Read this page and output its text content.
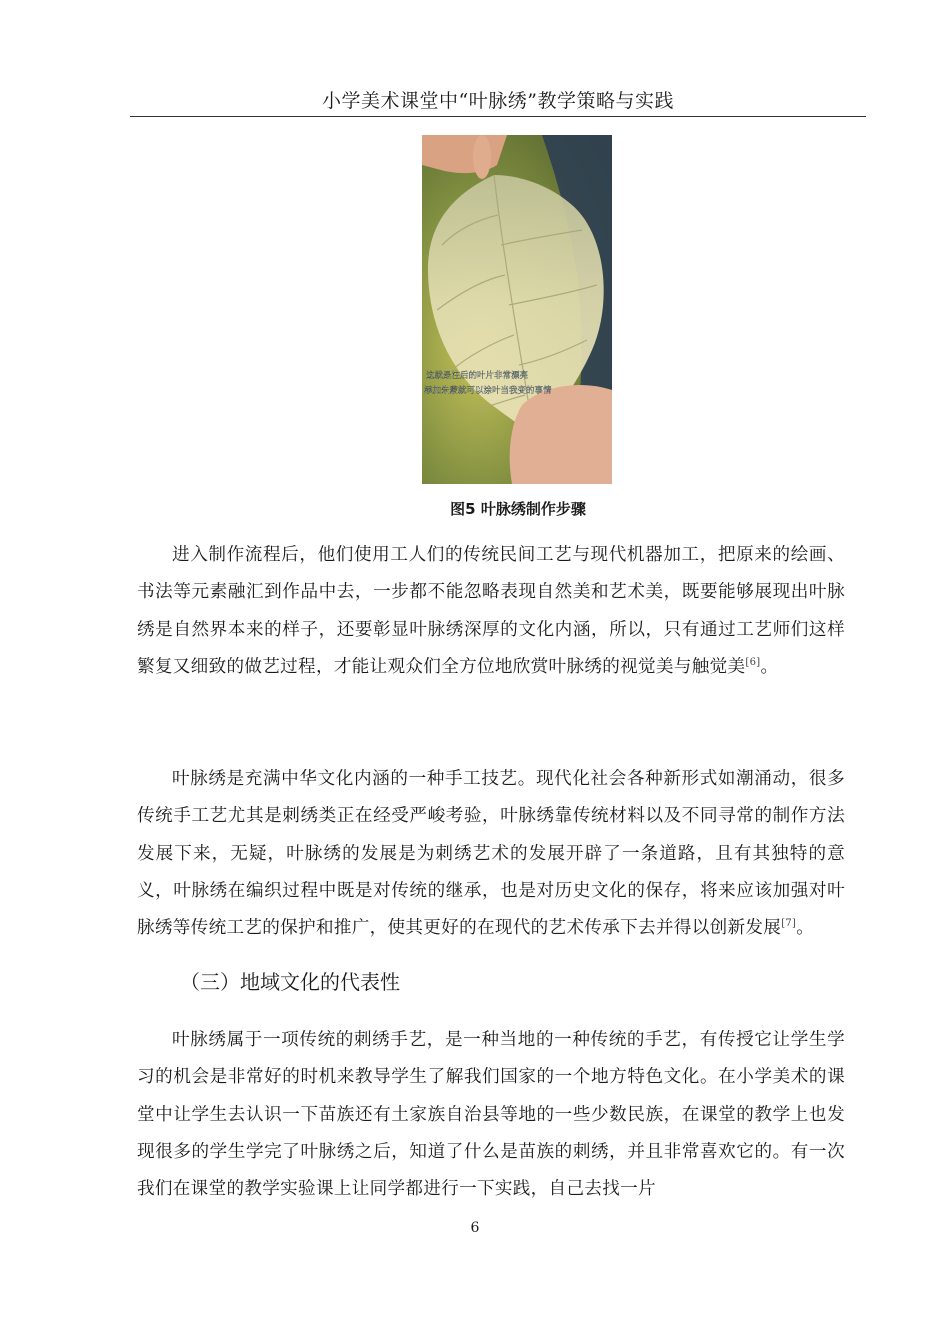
小学美术课堂中“叶脉绣”教学策略与实践
这就是注后的叶片非常漂亮
添加朱蒙就可以涂叶当我变的事情
图5 叶脉绣制作步骤

进入制作流程后，他们使用工人们的传统民间工艺与现代机器加工，把原来的绘画、书法等元素融汇到作品中去，一步都不能忽略表现自然美和艺术美，既要能够展现出叶脉绣是自然界本来的样子，还要彰显叶脉绣深厚的文化内涵，所以，只有通过工艺师们这样繁复又细致的做艺过程，才能让观众们全方位地欣赏叶脉绣的视觉美与触觉美[6]。

叶脉绣是充满中华文化内涵的一种手工技艺。现代化社会各种新形式如潮涌动，很多传统手工艺尤其是刺绣类正在经受严峻考验，叶脉绣靠传统材料以及不同寻常的制作方法发展下来，无疑，叶脉绣的发展是为刺绣艺术的发展开辟了一条道路，且有其独特的意义，叶脉绣在编织过程中既是对传统的继承，也是对历史文化的保存，将来应该加强对叶脉绣等传统工艺的保护和推广，使其更好的在现代的艺术传承下去并得以创新发展[7]。

（三）地域文化的代表性

叶脉绣属于一项传统的刺绣手艺，是一种当地的一种传统的手艺，有传授它让学生学习的机会是非常好的时机来教导学生了解我们国家的一个地方特色文化。在小学美术的课堂中让学生去认识一下苗族还有土家族自治县等地的一些少数民族，在课堂的教学上也发现很多的学生学完了叶脉绣之后，知道了什么是苗族的刺绣，并且非常喜欢它的。有一次我们在课堂的教学实验课上让同学都进行一下实践，自己去找一片

6
